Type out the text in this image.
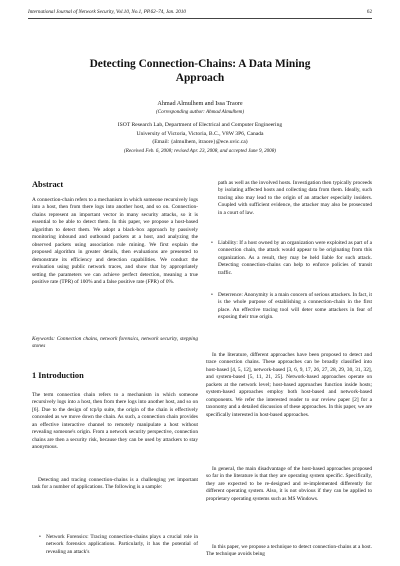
International Journal of Network Security, Vol.10, No.1, PP.62–74, Jan. 2010	62
Detecting Connection-Chains: A Data Mining
Approach
Ahmad Almulhem and Issa Traore
(Corresponding author: Ahmad Almulhem)
ISOT Research Lab, Department of Electrical and Computer Engineering
University of Victoria, Victoria, B.C., V8W 3P6, Canada
(Email: {almulhem, itraore}@ece.uvic.ca)
(Received Feb. 6, 2008; revised Apr. 23, 2008, and accepted June 9, 2008)
Abstract
A connection-chain refers to a mechanism in which someone recursively logs into a host, then from there logs into another host, and so on. Connection-chains represent an important vector in many security attacks, so it is essential to be able to detect them. In this paper, we propose a host-based algorithm to detect them. We adopt a black-box approach by passively monitoring inbound and outbound packets at a host, and analyzing the observed packets using association rule mining. We first explain the proposed algorithm in greater details, then evaluations are presented to demonstrate its efficiency and detection capabilities. We conduct the evaluation using public network traces, and show that by appropriately setting the parameters we can achieve perfect detection, meaning a true positive rate (TPR) of 100% and a false positive rate (FPR) of 0%.
Keywords: Connection chains, network forensics, network security, stepping stones
1 Introduction
The term connection chain refers to a mechanism in which someone recursively logs into a host, then from there logs into another host, and so on [6]. Due to the design of tcp/ip suite, the origin of the chain is effectively concealed as we move down the chain. As such, a connection chain provides an effective interactive channel to remotely manipulate a host without revealing someone's origin. From a network security perspective, connection chains are then a security risk, because they can be used by attackers to stay anonymous.
Detecting and tracing connection-chains is a challenging yet important task for a number of applications. The following is a sample:
• Network Forensics: Tracing connection-chains plays a crucial role in network forensics applications. Particularly, it has the potential of revealing an attack's
path as well as the involved hosts. Investigation then typically proceeds by isolating affected hosts and collecting data from them. Ideally, such tracing also may lead to the origin of an attacker especially insiders. Coupled with sufficient evidence, the attacker may also be prosecuted in a court of law.
• Liability: If a host owned by an organization were exploited as part of a connection chain, the attack would appear to be originating from this organization. As a result, they may be held liable for such attack. Detecting connection-chains can help to enforce policies of transit traffic.
• Deterrence: Anonymity is a main concern of serious attackers. In fact, it is the whole purpose of establishing a connection-chain in the first place. An effective tracing tool will deter some attackers in fear of exposing their true origin.
In the literature, different approaches have been proposed to detect and trace connection chains. These approaches can be broadly classified into host-based [4, 5, 12], network-based [3, 6, 9, 17, 26, 27, 28, 29, 30, 31, 32], and system-based [5, 11, 21, 25]. Network-based approaches operate on packets at the network level; host-based approaches function inside hosts; system-based approaches employ both host-based and network-based components. We refer the interested reader to our review paper [2] for a taxonomy and a detailed discussion of these approaches. In this paper, we are specifically interested in host-based approaches.
In general, the main disadvantage of the host-based approaches proposed so far in the literature is that they are operating system specific. Specifically, they are expected to be re-designed and re-implemented differently for different operating system. Also, it is not obvious if they can be applied to proprietary operating systems such as MS Windows.
In this paper, we propose a technique to detect connection-chains at a host. The technique avoids being
